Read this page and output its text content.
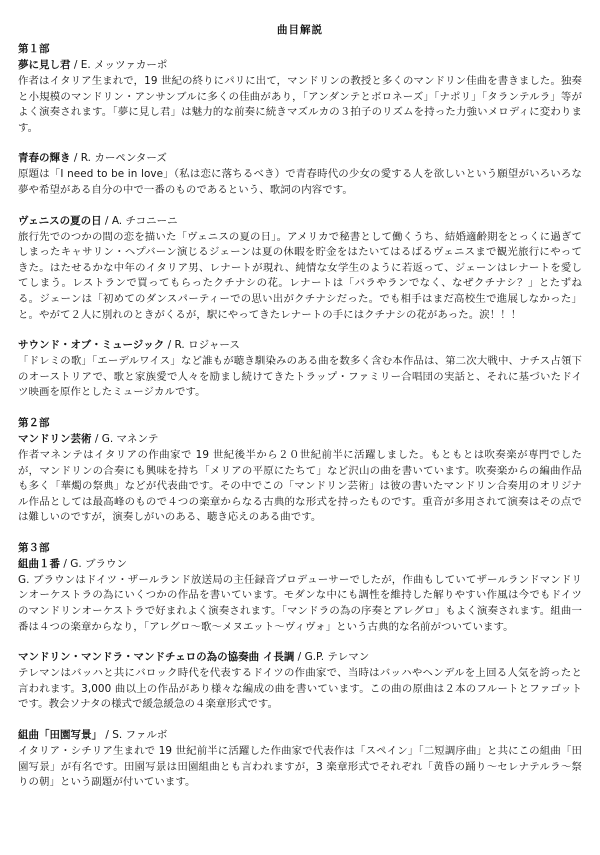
曲目解説
第１部
夢に見し君 / E. メッツァカーポ

作者はイタリア生まれで，19 世紀の終りにパリに出て，マンドリンの教授と多くのマンドリン佳曲を書きました。独奏と小規模のマンドリン・アンサンブルに多くの佳曲があり，「アンダンテとボロネーズ」「ナポリ」「タランテルラ」等がよく演奏されます。「夢に見し君」は魅力的な前奏に続きマズルカの３拍子のリズムを持った力強いメロディに変わります。

青春の輝き / R. カーペンターズ

原題は「I need to be in love」（私は恋に落ちるべき）で青春時代の少女の愛する人を欲しいという願望がいろいろな夢や希望がある自分の中で一番のものであるという、歌詞の内容です。

ヴェニスの夏の日 / A. チコニーニ

旅行先でのつかの間の恋を描いた「ヴェニスの夏の日」。アメリカで秘書として働くうち、結婚適齢期をとっくに過ぎてしまったキャサリン・ヘプバーン演じるジェーンは夏の休暇を貯金をはたいてはるばるヴェニスまで観光旅行にやってきた。はたせるかな中年のイタリア男、レナートが現れ、純情な女学生のように若返って、ジェーンはレナートを愛してしまう。レストランで買ってもらったクチナシの花。レナートは「バラやランでなく、なぜクチナシ？」とたずねる。ジェーンは「初めてのダンスパーティーでの思い出がクチナシだった。でも相手はまだ高校生で進展しなかった」と。やがて２人に別れのときがくるが，駅にやってきたレナートの手にはクチナシの花があった。涙！！！

サウンド・オブ・ミュージック / R. ロジャース

「ドレミの歌」「エーデルワイス」など誰もが聴き馴染みのある曲を数多く含む本作品は、第二次大戦中、ナチス占領下のオーストリアで、歌と家族愛で人々を励まし続けてきたトラップ・ファミリー合唱団の実話と、それに基づいたドイツ映画を原作としたミュージカルです。

第２部
マンドリン芸術 / G. マネンテ

作者マネンテはイタリアの作曲家で 19 世紀後半から２０世紀前半に活躍しました。もともとは吹奏楽が専門でしたが，マンドリンの合奏にも興味を持ち「メリアの平原にたちて」など沢山の曲を書いています。吹奏楽からの編曲作品も多く「華燭の祭典」などが代表曲です。その中でこの「マンドリン芸術」は彼の書いたマンドリン合奏用のオリジナル作品としては最高峰のもので４つの楽章からなる古典的な形式を持ったものです。重音が多用されて演奏はその点では難しいのですが，演奏しがいのある、聴き応えのある曲です。

第３部
組曲１番 / G. ブラウン

G. ブラウンはドイツ・ザールランド放送局の主任録音プロデューサーでしたが，作曲もしていてザールランドマンドリンオーケストラの為にいくつかの作品を書いています。モダンな中にも調性を維持した解りやすい作風は今でもドイツのマンドリンオーケストラで好まれよく演奏されます。「マンドラの為の序奏とアレグロ」もよく演奏されます。組曲一番は４つの楽章からなり，「アレグロ～歌～メヌエット～ヴィヴォ」という古典的な名前がついています。

マンドリン・マンドラ・マンドチェロの為の協奏曲 イ長調 / G.P. テレマン

テレマンはバッハと共にバロック時代を代表するドイツの作曲家で、当時はバッハやヘンデルを上回る人気を誇ったと言われます。3,000 曲以上の作品があり様々な編成の曲を書いています。この曲の原曲は２本のフルートとファゴットです。教会ソナタの様式で緩急緩急の４楽章形式です。

組曲「田園写景」 / S. ファルボ

イタリア・シチリア生まれで 19 世紀前半に活躍した作曲家で代表作は「スペイン」「二短調序曲」と共にこの組曲「田園写景」が有名です。田園写景は田園組曲とも言われますが，3 楽章形式でそれぞれ「黄昏の踊り～セレナテルラ～祭りの朝」という副題が付いています。
